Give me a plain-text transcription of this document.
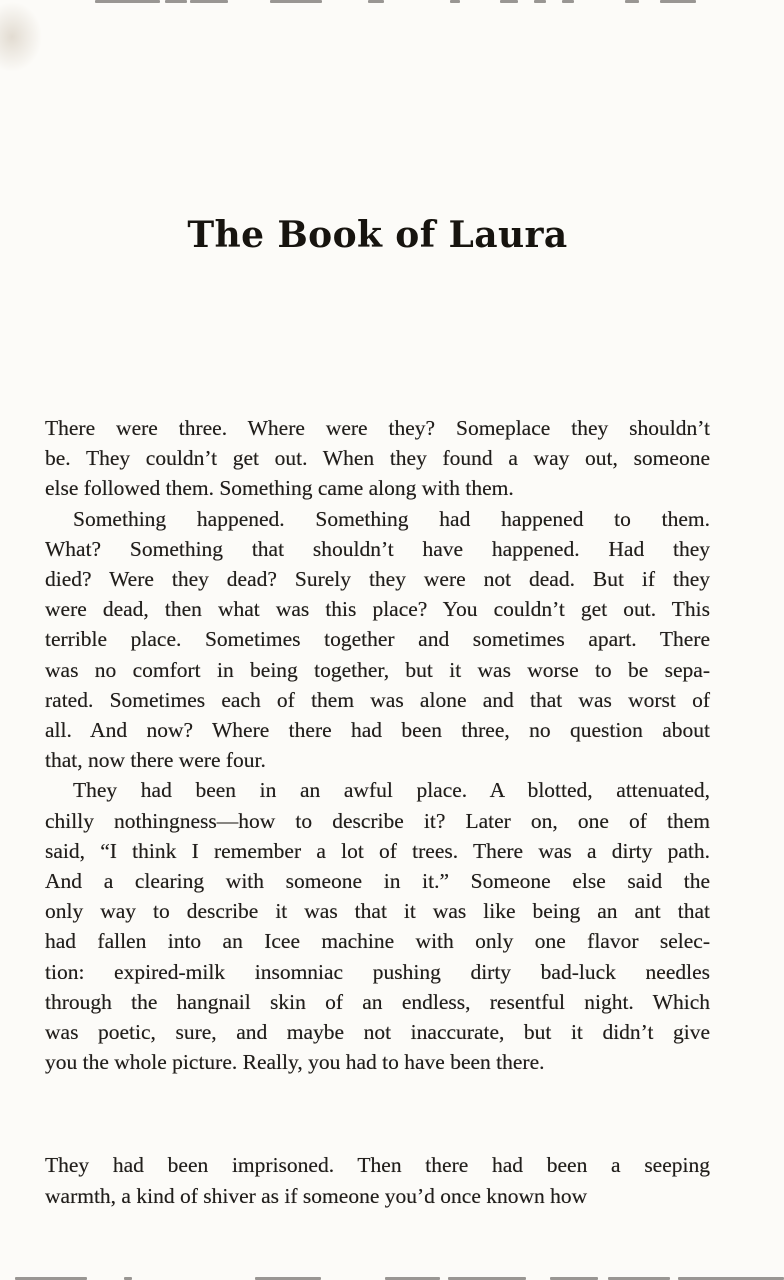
The Book of Laura
There were three. Where were they? Someplace they shouldn’t
be. They couldn’t get out. When they found a way out, someone
else followed them. Something came along with them.
Something happened. Something had happened to them.
What? Something that shouldn’t have happened. Had they
died? Were they dead? Surely they were not dead. But if they
were dead, then what was this place? You couldn’t get out. This
terrible place. Sometimes together and sometimes apart. There
was no comfort in being together, but it was worse to be sepa-
rated. Sometimes each of them was alone and that was worst of
all. And now? Where there had been three, no question about
that, now there were four.
They had been in an awful place. A blotted, attenuated,
chilly nothingness—how to describe it? Later on, one of them
said, “I think I remember a lot of trees. There was a dirty path.
And a clearing with someone in it.” Someone else said the
only way to describe it was that it was like being an ant that
had fallen into an Icee machine with only one flavor selec-
tion: expired-milk insomniac pushing dirty bad-luck needles
through the hangnail skin of an endless, resentful night. Which
was poetic, sure, and maybe not inaccurate, but it didn’t give
you the whole picture. Really, you had to have been there.
They had been imprisoned. Then there had been a seeping
warmth, a kind of shiver as if someone you’d once known how
